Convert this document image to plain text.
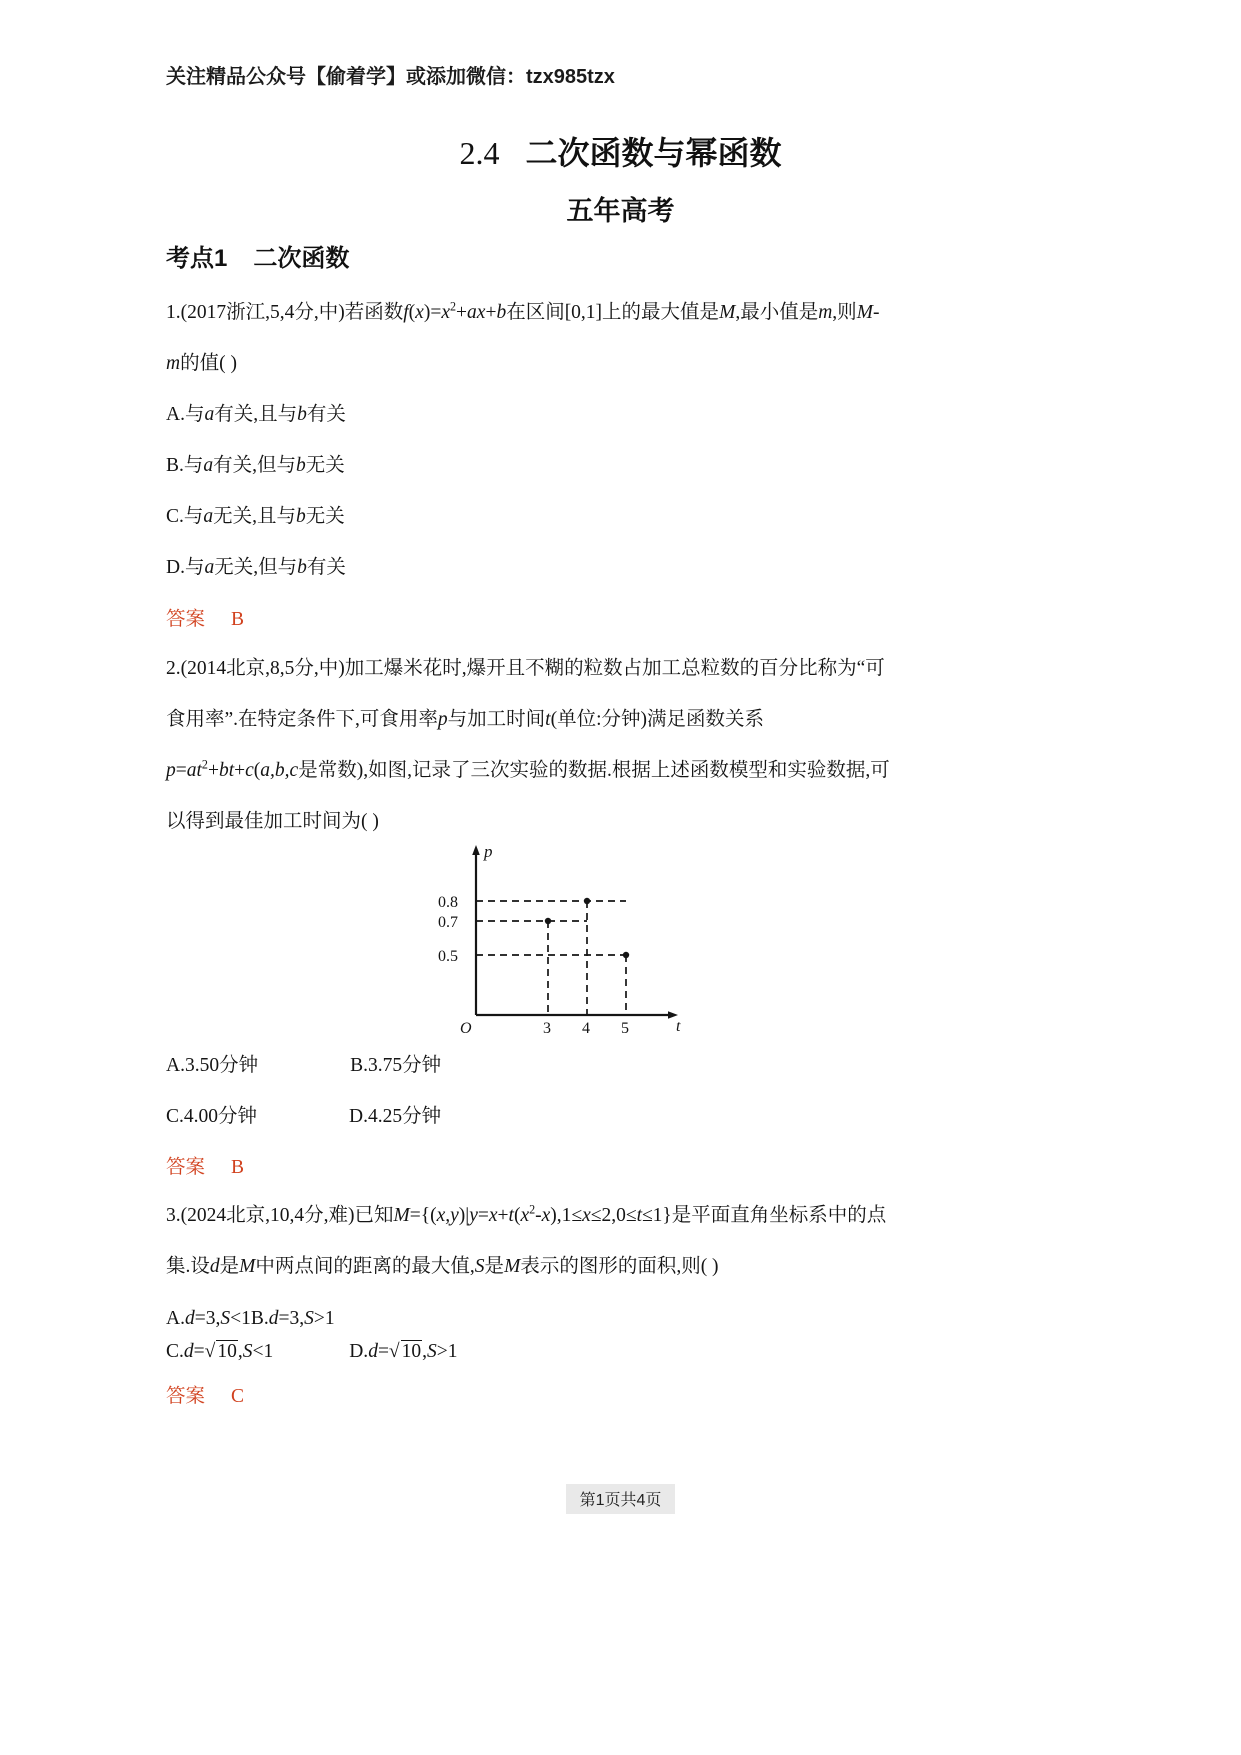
关注精品公众号【偷着学】或添加微信：tzx985tzx
2.4 二次函数与幂函数
五年高考
考点1 二次函数
1.(2017浙江,5,4分,中)若函数$f(x)=x^2+ax+b$在区间[0,1]上的最大值是M,最小值是m,则M-
m的值( )
A.与a有关,且与b有关
B.与a有关,但与b无关
C.与a无关,且与b无关
D.与a无关,但与b有关
答案 B
2.(2014北京,8,5分,中)加工爆米花时,爆开且不糊的粒数占加工总粒数的百分比称为“可
食用率”.在特定条件下,可食用率p与加工时间t(单位:分钟)满足函数关系
$p=at^2+bt+c(a,b,c$是常数),如图,记录了三次实验的数据.根据上述函数模型和实验数据,可
以得到最佳加工时间为( )
p
t
O
0.8
0.7
0.5
3 4 5
A.3.50分钟	B.3.75分钟
C.4.00分钟	D.4.25分钟
答案 B
3.(2024北京,10,4分,难)已知$M=\{(x,y)|y=x+t(x^2-x),1\le x\le 2,0\le t\le 1\}$是平面直角坐标系中的点
集.设d是M中两点间的距离的最大值,S是M表示的图形的面积,则( )
A.d=3,S<1B.d=3,S>1
C.d=√ 10,S<1	D.d=√ 10,S>1
答案 C
第1页共4页
